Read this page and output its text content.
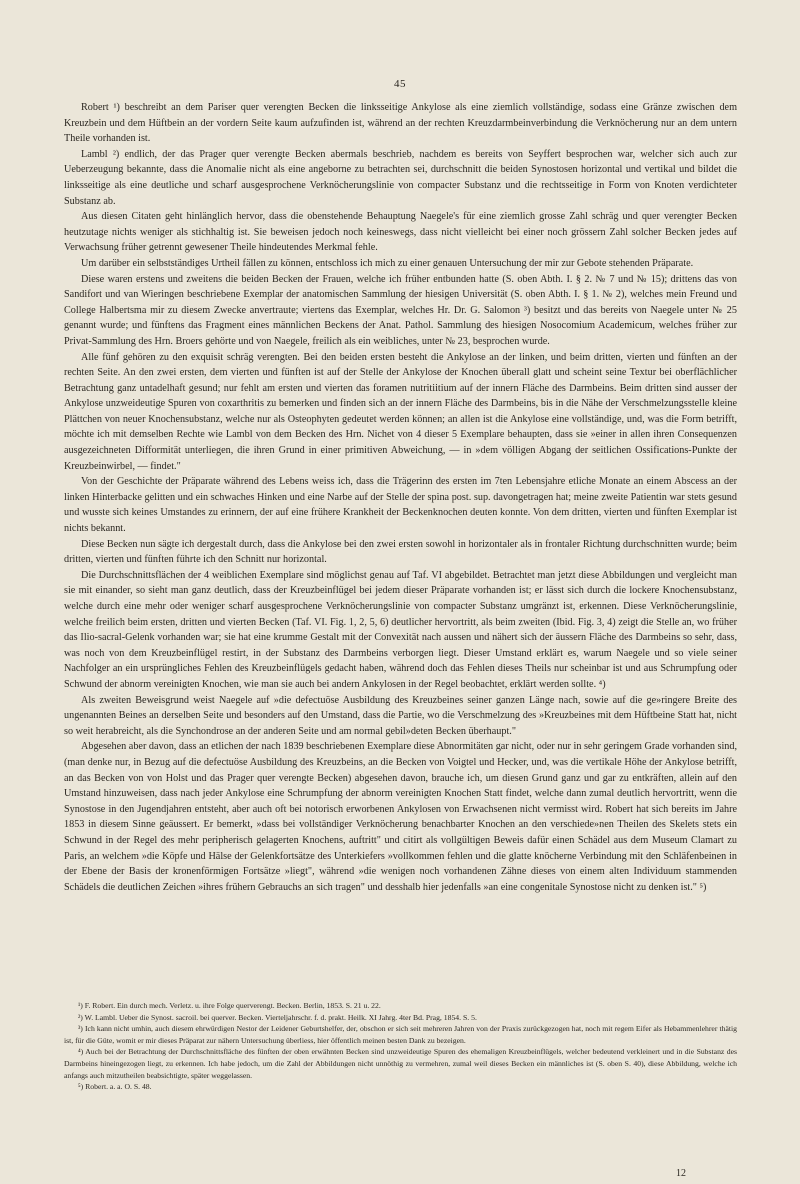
45

Robert ¹) beschreibt an dem Pariser quer verengten Becken die linksseitige Ankylose als eine ziemlich vollständige, sodass eine Gränze zwischen dem Kreuzbein und dem Hüftbein an der vordern Seite kaum aufzufinden ist, während an der rechten Kreuzdarmbeinverbindung die Verknöcherung nur an dem untern Theile vorhanden ist.

Lambl ²) endlich, der das Prager quer verengte Becken abermals beschrieb, nachdem es bereits von Seyffert besprochen war, welcher sich auch zur Ueberzeugung bekannte, dass die Anomalie nicht als eine angeborne zu betrachten sei, durchschnitt die beiden Synostosen horizontal und vertikal und bildet die linksseitige als eine deutliche und scharf ausgesprochene Verknöcherungslinie von compacter Substanz und die rechtsseitige in Form von Knoten verdichteter Substanz ab.

Aus diesen Citaten geht hinlänglich hervor, dass die obenstehende Behauptung Naegele's für eine ziemlich grosse Zahl schräg und quer verengter Becken heutzutage nichts weniger als stichhaltig ist. Sie beweisen jedoch noch keineswegs, dass nicht vielleicht bei einer noch grössern Zahl solcher Becken jedes auf Verwachsung früher getrennt gewesener Theile hindeutendes Merkmal fehle.

Um darüber ein selbstständiges Urtheil fällen zu können, entschloss ich mich zu einer genauen Untersuchung der mir zur Gebote stehenden Präparate.

Diese waren erstens und zweitens die beiden Becken der Frauen, welche ich früher entbunden hatte (S. oben Abth. I. § 2. № 7 und № 15); drittens das von Sandifort und van Wieringen beschriebene Exemplar der anatomischen Sammlung der hiesigen Universität (S. oben Abth. I. § 1. № 2), welches mein Freund und College Halbertsma mir zu diesem Zwecke anvertraute; viertens das Exemplar, welches Hr. Dr. G. Salomon ³) besitzt und das bereits von Naegele unter № 25 genannt wurde; und fünftens das Fragment eines männlichen Beckens der Anat. Pathol. Sammlung des hiesigen Nosocomium Academicum, welches früher zur Privat-Sammlung des Hrn. Broers gehörte und von Naegele, freilich als ein weibliches, unter № 23, besprochen wurde.

Alle fünf gehören zu den exquisit schräg verengten. Bei den beiden ersten besteht die Ankylose an der linken, und beim dritten, vierten und fünften an der rechten Seite. An den zwei ersten, dem vierten und fünften ist auf der Stelle der Ankylose der Knochen überall glatt und scheint seine Textur bei oberflächlicher Betrachtung ganz untadelhaft gesund; nur fehlt am ersten und vierten das foramen nutritiitium auf der innern Fläche des Darmbeins. Beim dritten sind ausser der Ankylose unzweideutige Spuren von coxarthritis zu bemerken und finden sich an der innern Fläche des Darmbeins, bis in die Nähe der Verschmelzungsstelle kleine Plättchen von neuer Knochensubstanz, welche nur als Osteophyten gedeutet werden können; an allen ist die Ankylose eine vollständige, und, was die Form betrifft, möchte ich mit demselben Rechte wie Lambl von dem Becken des Hrn. Nichet von 4 dieser 5 Exemplare behaupten, dass sie »einer in allen ihren Consequenzen ausgezeichneten Difformität unterliegen, die ihren Grund in einer primitiven Abweichung, — in »dem völligen Abgang der seitlichen Ossifications-Punkte der Kreuzbeinwirbel, — findet."

Von der Geschichte der Präparate während des Lebens weiss ich, dass die Trägerinn des ersten im 7ten Lebensjahre etliche Monate an einem Abscess an der linken Hinterbacke gelitten und ein schwaches Hinken und eine Narbe auf der Stelle der spina post. sup. davongetragen hat; meine zweite Patientin war stets gesund und wusste sich keines Umstandes zu erinnern, der auf eine frühere Krankheit der Beckenknochen deuten konnte. Von dem dritten, vierten und fünften Exemplar ist nichts bekannt.

Diese Becken nun sägte ich dergestalt durch, dass die Ankylose bei den zwei ersten sowohl in horizontaler als in frontaler Richtung durchschnitten wurde; beim dritten, vierten und fünften führte ich den Schnitt nur horizontal.

Die Durchschnittsflächen der 4 weiblichen Exemplare sind möglichst genau auf Taf. VI abgebildet. Betrachtet man jetzt diese Abbildungen und vergleicht man sie mit einander, so sieht man ganz deutlich, dass der Kreuzbeinflügel bei jedem dieser Präparate vorhanden ist; er lässt sich durch die lockere Knochensubstanz, welche durch eine mehr oder weniger scharf ausgesprochene Verknöcherungslinie von compacter Substanz umgränzt ist, erkennen. Diese Verknöcherungslinie, welche freilich beim ersten, dritten und vierten Becken (Taf. VI. Fig. 1, 2, 5, 6) deutlicher hervortritt, als beim zweiten (Ibid. Fig. 3, 4) zeigt die Stelle an, wo früher das Ilio-sacral-Gelenk vorhanden war; sie hat eine krumme Gestalt mit der Convexität nach aussen und nähert sich der äussern Fläche des Darmbeins so sehr, dass, was noch von dem Kreuzbeinflügel restirt, in der Substanz des Darmbeins verborgen liegt. Dieser Umstand erklärt es, warum Naegele und so viele seiner Nachfolger an ein ursprüngliches Fehlen des Kreuzbeinflügels gedacht haben, während doch das Fehlen dieses Theils nur scheinbar ist und aus Schrumpfung oder Schwund der abnorm vereinigten Knochen, wie man sie auch bei andern Ankylosen in der Regel beobachtet, erklärt werden sollte. ⁴)

Als zweiten Beweisgrund weist Naegele auf »die defectuöse Ausbildung des Kreuzbeines seiner ganzen Länge nach, sowie auf die ge»ringere Breite des ungenannten Beines an derselben Seite und besonders auf den Umstand, dass die Partie, wo die Verschmelzung des »Kreuzbeines mit dem Hüftbeine Statt hat, nicht so weit herabreicht, als die Synchondrose an der anderen Seite und am normal gebil»deten Becken überhaupt."

Abgesehen aber davon, dass an etlichen der nach 1839 beschriebenen Exemplare diese Abnormitäten gar nicht, oder nur in sehr geringem Grade vorhanden sind, (man denke nur, in Bezug auf die defectuöse Ausbildung des Kreuzbeins, an die Becken von Voigtel und Hecker, und, was die vertikale Höhe der Ankylose betrifft, an das Becken von von Holst und das Prager quer verengte Becken) abgesehen davon, brauche ich, um diesen Grund ganz und gar zu entkräften, allein auf den Umstand hinzuweisen, dass nach jeder Ankylose eine Schrumpfung der abnorm vereinigten Knochen Statt findet, welche dann zumal deutlich hervortritt, wenn die Synostose in den Jugendjahren entsteht, aber auch oft bei notorisch erworbenen Ankylosen von Erwachsenen nicht vermisst wird. Robert hat sich bereits im Jahre 1853 in diesem Sinne geäussert. Er bemerkt, »dass bei vollständiger Verknöcherung benachbarter Knochen an den verschiede»nen Theilen des Skelets stets ein Schwund in der Regel des mehr peripherisch gelagerten Knochens, auftritt" und citirt als vollgültigen Beweis dafür einen Schädel aus dem Museum Clamart zu Paris, an welchem »die Köpfe und Hälse der Gelenkfortsätze des Unterkiefers »vollkommen fehlen und die glatte knöcherne Verbindung mit den Schläfenbeinen in der Ebene der Basis der kronenförmigen Fortsätze »liegt", während »die wenigen noch vorhandenen Zähne dieses von einem alten Individuum stammenden Schädels die deutlichen Zeichen »ihres frühern Gebrauchs an sich tragen" und desshalb hier jedenfalls »an eine congenitale Synostose nicht zu denken ist." ⁵)

¹) F. Robert. Ein durch mech. Verletz. u. ihre Folge querverengt. Becken. Berlin, 1853. S. 21 u. 22.

²) W. Lambl. Ueber die Synost. sacroil. bei querver. Becken. Vierteljahrschr. f. d. prakt. Heilk. XI Jahrg. 4ter Bd. Prag, 1854. S. 5.

³) Ich kann nicht umhin, auch diesem ehrwürdigen Nestor der Leidener Geburtshelfer, der, obschon er sich seit mehreren Jahren von der Praxis zurückgezogen hat, noch mit regem Eifer als Hebammenlehrer thätig ist, für die Güte, womit er mir dieses Präparat zur nähern Untersuchung überliess, hier öffentlich meinen besten Dank zu bezeigen.

⁴) Auch bei der Betrachtung der Durchschnittsfläche des fünften der oben erwähnten Becken sind unzweideutige Spuren des ehemaligen Kreuzbeinflügels, welcher bedeutend verkleinert und in die Substanz des Darmbeins hineingezogen liegt, zu erkennen. Ich habe jedoch, um die Zahl der Abbildungen nicht unnöthig zu vermehren, zumal weil dieses Becken ein männliches ist (S. oben S. 40), diese Abbildung, welche ich anfangs auch mitzutheilen beabsichtigte, später weggelassen.

⁵) Robert. a. a. O. S. 48.

12
